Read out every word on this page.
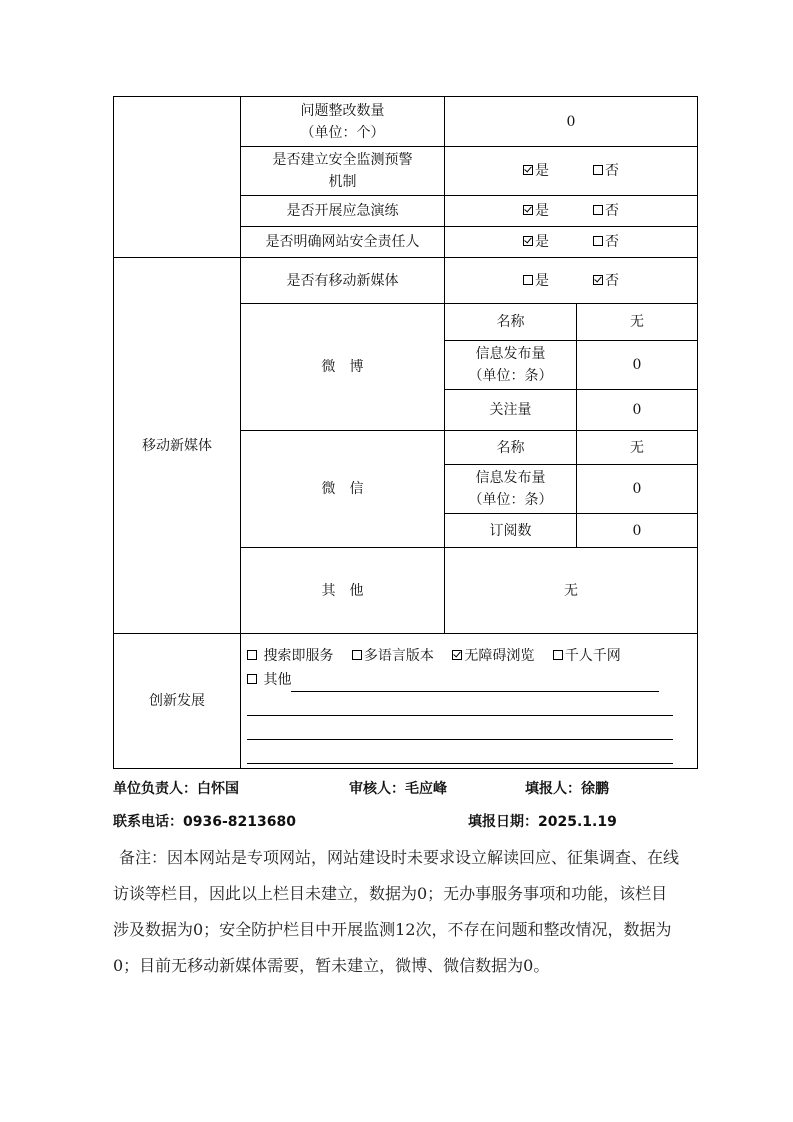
	问题整改数量
（单位：个）	0	

	是否建立安全监测预警
机制	是 否	
	是否开展应急演练	是 否	
	是否明确网站安全责任人	是 否	
移动新媒体	是否有移动新媒体	是 否	
	微　博	名称	无

		信息发布量
（单位：条）	0
		关注量	0
	微　信	名称	无

		信息发布量
（单位：条）	0
		订阅数	0
	其　他	无	
创新发展	搜索即服务 多语言版本 无障碍浏览 千人千网
其他		
单位负责人：白怀国	审核人：毛应峰	填报人：徐鹏
联系电话：0936-8213680	填报日期：2025.1.19
备注：因本网站是专项网站，网站建设时未要求设立解读回应、征集调查、在线访谈等栏目，因此以上栏目未建立，数据为0；无办事服务事项和功能，该栏目涉及数据为0；安全防护栏目中开展监测12次，不存在问题和整改情况，数据为0；目前无移动新媒体需要，暂未建立，微博、微信数据为0。
